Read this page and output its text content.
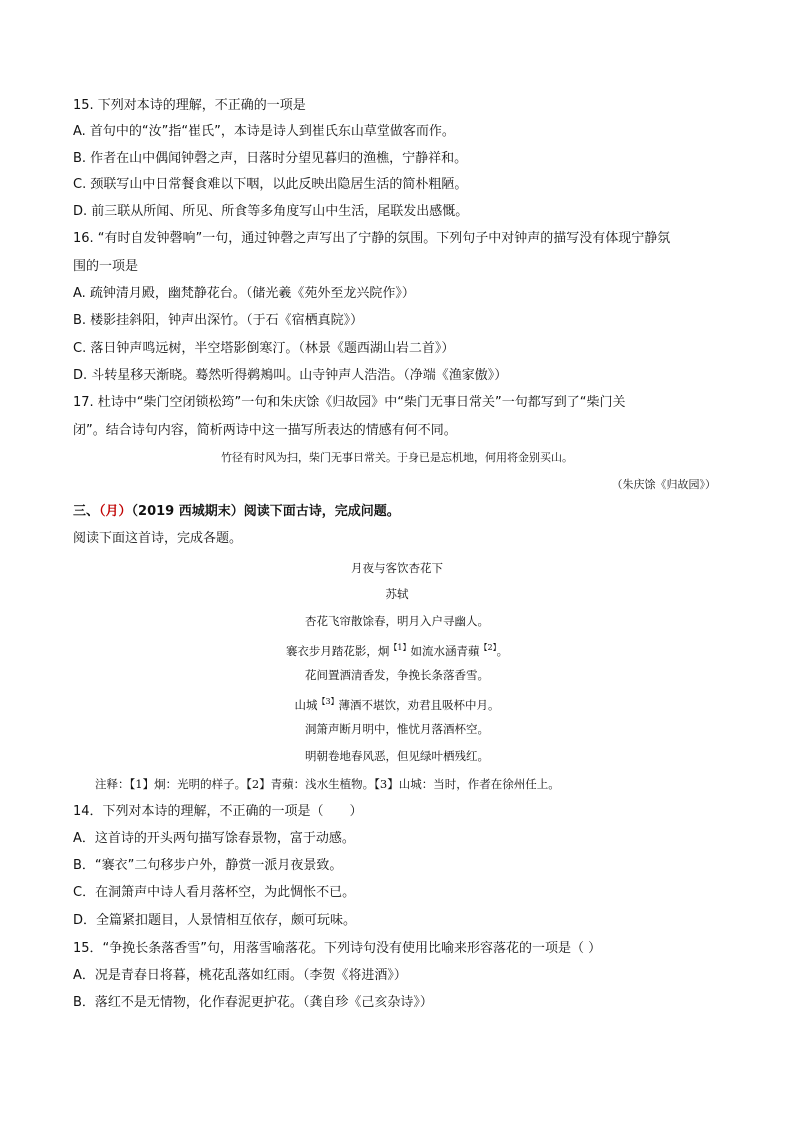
15. 下列对本诗的理解，不正确的一项是
A. 首句中的“汝”指“崔氏”，本诗是诗人到崔氏东山草堂做客而作。
B. 作者在山中偶闻钟磬之声，日落时分望见暮归的渔樵，宁静祥和。
C. 颈联写山中日常餐食难以下咽，以此反映出隐居生活的简朴粗陋。
D. 前三联从所闻、所见、所食等多角度写山中生活，尾联发出感慨。
16. “有时自发钟磬响”一句，通过钟磬之声写出了宁静的氛围。下列句子中对钟声的描写没有体现宁静氛
围的一项是
A. 疏钟清月殿，幽梵静花台。（储光羲《苑外至龙兴院作》）
B. 楼影挂斜阳，钟声出深竹。（于石《宿栖真院》）
C. 落日钟声鸣远树，半空塔影倒寒汀。（林景《题西湖山岩二首》）
D. 斗转星移天渐晓。蓦然听得鹈鴂叫。山寺钟声人浩浩。（净端《渔家傲》）
17. 杜诗中“柴门空闭锁松筠”一句和朱庆馀《归故园》中“柴门无事日常关”一句都写到了“柴门关
闭”。结合诗句内容，简析两诗中这一描写所表达的情感有何不同。
竹径有时风为扫，柴门无事日常关。于身已是忘机地，何用将金别买山。
（朱庆馀《归故园》）
三、（月）（2019 西城期末）阅读下面古诗，完成问题。
阅读下面这首诗，完成各题。
月夜与客饮杏花下
苏轼
杏花飞帘散馀春，明月入户寻幽人。
褰衣步月踏花影，炯$^{【1】}$如流水涵青蘋$^{【2】}$。
花间置酒清香发，争挽长条落香雪。
山城$^{【3】}$薄酒不堪饮，劝君且吸杯中月。
洞箫声断月明中，惟忧月落酒杯空。
明朝卷地春风恶，但见绿叶栖残红。
注释：【1】炯：光明的样子。【2】青蘋：浅水生植物。【3】山城：当时，作者在徐州任上。
14．下列对本诗的理解，不正确的一项是（　　）
A．这首诗的开头两句描写馀春景物，富于动感。
B．“褰衣”二句移步户外，静赏一派月夜景致。
C．在洞箫声中诗人看月落杯空，为此惆怅不已。
D．全篇紧扣题目，人景情相互依存，颇可玩味。
15．“争挽长条落香雪”句，用落雪喻落花。下列诗句没有使用比喻来形容落花的一项是（ ）
A．况是青春日将暮，桃花乱落如红雨。（李贺《将进酒》）
B．落红不是无情物，化作春泥更护花。（龚自珍《己亥杂诗》）
